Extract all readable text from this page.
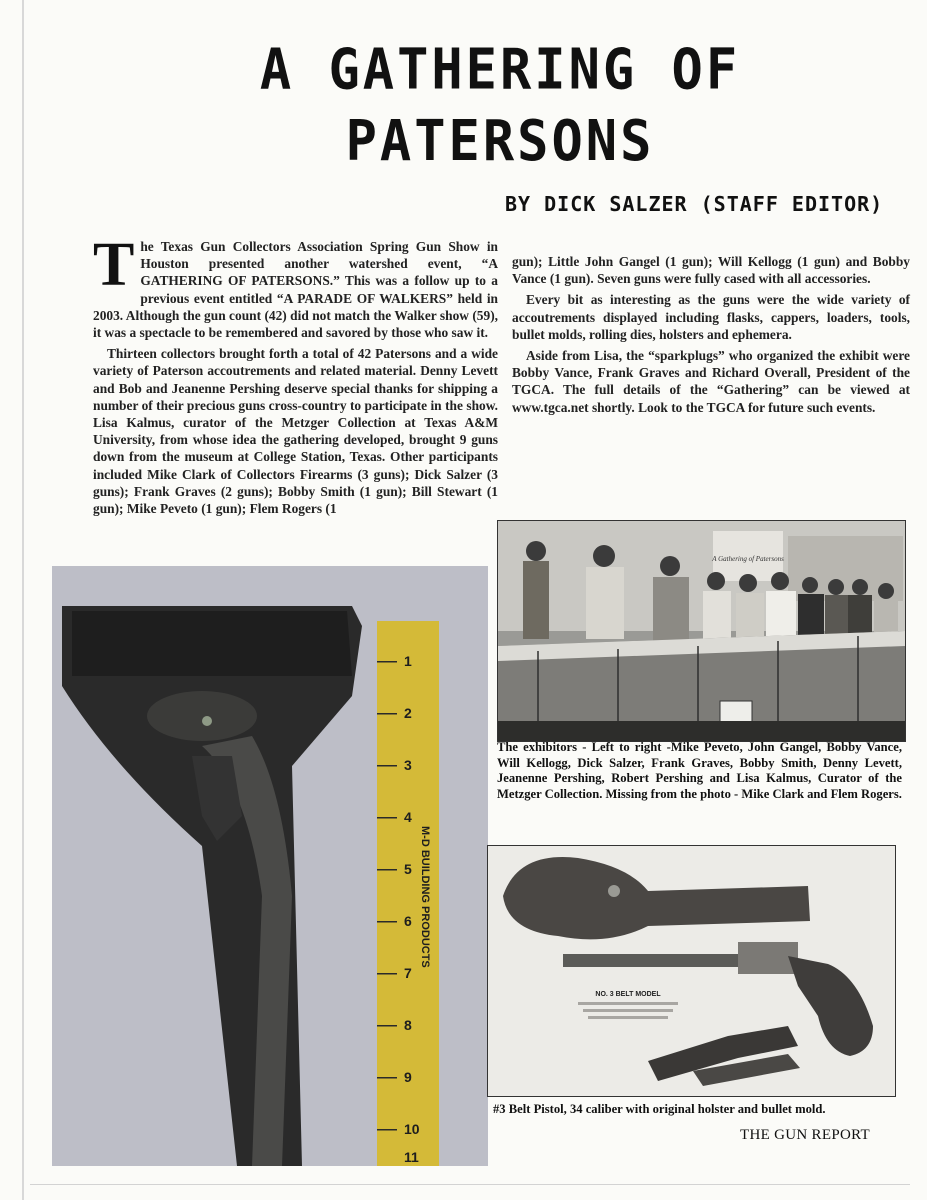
A GATHERING OF PATERSONS
BY DICK SALZER (STAFF EDITOR)

The Texas Gun Collectors Association Spring Gun Show in Houston presented another watershed event, “A GATHERING OF PATERSONS.” This was a follow up to a previous event entitled “A PARADE OF WALKERS” held in 2003. Although the gun count (42) did not match the Walker show (59), it was a spectacle to be remembered and savored by those who saw it.

Thirteen collectors brought forth a total of 42 Patersons and a wide variety of Paterson accoutrements and related material. Denny Levett and Bob and Jeanenne Pershing deserve special thanks for shipping a number of their precious guns cross-country to participate in the show. Lisa Kalmus, curator of the Metzger Collection at Texas A&M University, from whose idea the gathering developed, brought 9 guns down from the museum at College Station, Texas. Other participants included Mike Clark of Collectors Firearms (3 guns); Dick Salzer (3 guns); Frank Graves (2 guns); Bobby Smith (1 gun); Bill Stewart (1 gun); Mike Peveto (1 gun); Flem Rogers (1

gun); Little John Gangel (1 gun); Will Kellogg (1 gun) and Bobby Vance (1 gun). Seven guns were fully cased with all accessories.

Every bit as interesting as the guns were the wide variety of accoutrements displayed including flasks, cappers, loaders, tools, bullet molds, rolling dies, holsters and ephemera.

Aside from Lisa, the “sparkplugs” who organized the exhibit were Bobby Vance, Frank Graves and Richard Overall, President of the TGCA. The full details of the “Gathering” can be viewed at www.tgca.net shortly. Look to the TGCA for future such events.

A Gathering of Patersons
The exhibitors - Left to right -Mike Peveto, John Gangel, Bobby Vance, Will Kellogg, Dick Salzer, Frank Graves, Bobby Smith, Denny Levett, Jeanenne Pershing, Robert Pershing and Lisa Kalmus, Curator of the Metzger Collection. Missing from the photo - Mike Clark and Flem Rogers.
1
2
3
4
5
6
7
8
9
10
11
M-D BUILDING PRODUCTS
NO. 3 BELT MODEL
#3 Belt Pistol, 34 caliber with original holster and bullet mold.
THE GUN REPORT
